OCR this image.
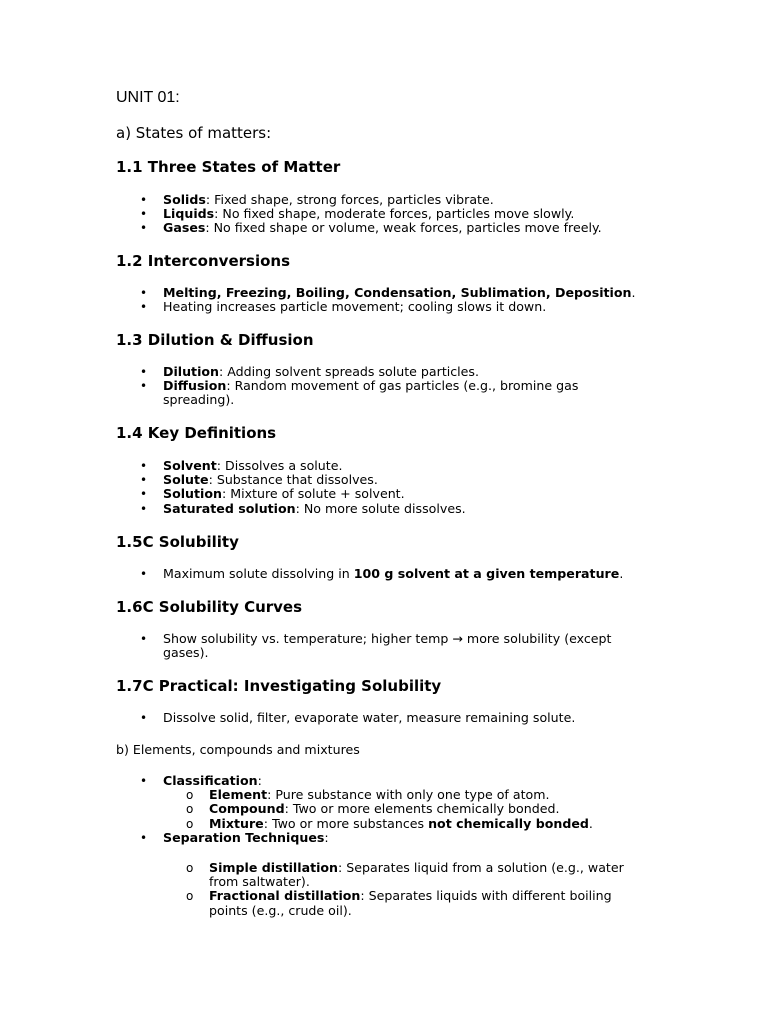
UNIT 01:
a) States of matters:
1.1 Three States of Matter
• Solids: Fixed shape, strong forces, particles vibrate.
• Liquids: No fixed shape, moderate forces, particles move slowly.
• Gases: No fixed shape or volume, weak forces, particles move freely.
1.2 Interconversions
• Melting, Freezing, Boiling, Condensation, Sublimation, Deposition.
• Heating increases particle movement; cooling slows it down.
1.3 Dilution & Diffusion
• Dilution: Adding solvent spreads solute particles.
• Diffusion: Random movement of gas particles (e.g., bromine gas spreading).
1.4 Key Definitions
• Solvent: Dissolves a solute.
• Solute: Substance that dissolves.
• Solution: Mixture of solute + solvent.
• Saturated solution: No more solute dissolves.
1.5C Solubility
• Maximum solute dissolving in 100 g solvent at a given temperature.
1.6C Solubility Curves
• Show solubility vs. temperature; higher temp → more solubility (except gases).
1.7C Practical: Investigating Solubility
• Dissolve solid, filter, evaporate water, measure remaining solute.
b) Elements, compounds and mixtures
• Classification:
o Element: Pure substance with only one type of atom.
o Compound: Two or more elements chemically bonded.
o Mixture: Two or more substances not chemically bonded.
• Separation Techniques:
o Simple distillation: Separates liquid from a solution (e.g., water from saltwater).
o Fractional distillation: Separates liquids with different boiling points (e.g., crude oil).
